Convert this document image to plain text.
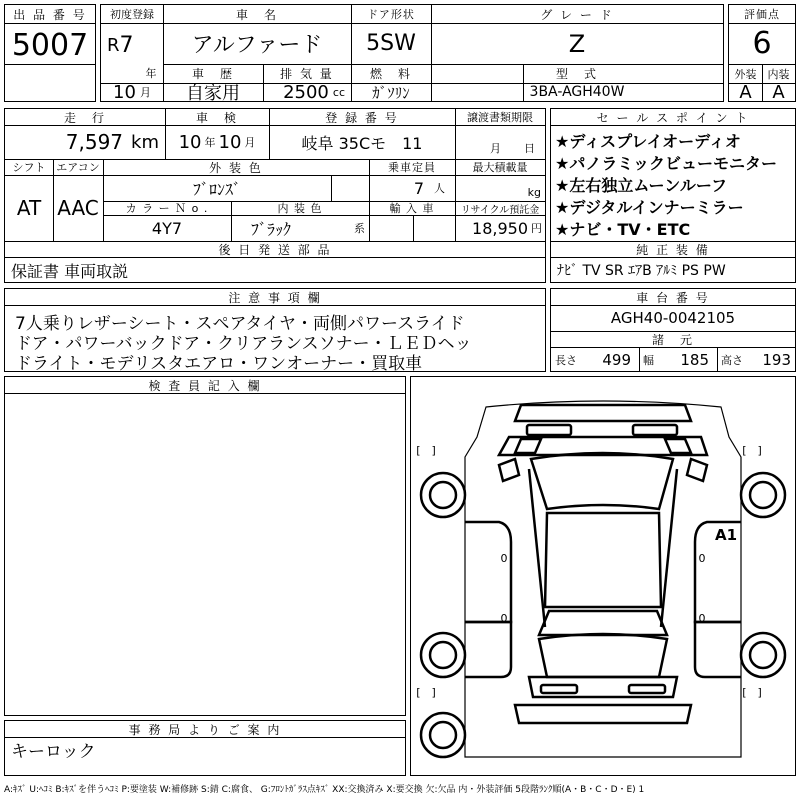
出 品 番 号
5007
初度登録
R 7
年
10 月
車　名
アルファード
ドア形状
5SW
グ レ ー ド
Z
車　歴
自家用
排 気 量
2500 cc
燃　料
ｶﾞｿﾘﾝ
型　式
3BA-AGH40W
評価点
6
外装	内装
A	A
走　行
7,597 km
車　検
10 年 10 月
登 録 番 号
岐阜 35Cモ　11
譲渡書類期限
月	日
シフト
AT
エアコン
AAC
外 装 色
ﾌﾞﾛﾝｽﾞ
乗車定員
7 人
最大積載量
kg
カ ラ ー Ｎ o .
4Y7
内 装 色
ﾌﾞﾗｯｸ	系
輸 入 車	リサイクル預託金
18,950 円
後 日 発 送 部 品
保証書 車両取説
セ ー ル ス ポ イ ン ト
★ディスプレイオーディオ
★パノラミックビューモニター
★左右独立ムーンルーフ
★デジタルインナーミラー
★ナビ・TV・ETC
純 正 装 備
ﾅﾋﾞ TV SR ｴｱB ｱﾙﾐ PS PW
注 意 事 項 欄
7人乗りレザーシート・スペアタイヤ・両側パワースライド
ドア・パワーバックドア・クリアランスソナー・ＬＥＤヘッ
ドライト・モデリスタエアロ・ワンオーナー・買取車
車 台 番 号
AGH40-0042105
諸　元
長さ 499 幅 185 高さ 193
検 査 員 記 入 欄
[　]	[　]
[　]	[　]
0
0
0
0
A1
事 務 局 よ り ご 案 内
キーロック
A:ｷｽﾞ U:ﾍｺﾐ B:ｷｽﾞを伴うﾍｺﾐ P:要塗装 W:補修跡 S:錆 C:腐食、 G:ﾌﾛﾝﾄｶﾞﾗｽ点ｷｽﾞ XX:交換済み X:要交換 欠:欠品 内・外装評価 5段階ﾗﾝｸ順(A・B・C・D・E) 1
